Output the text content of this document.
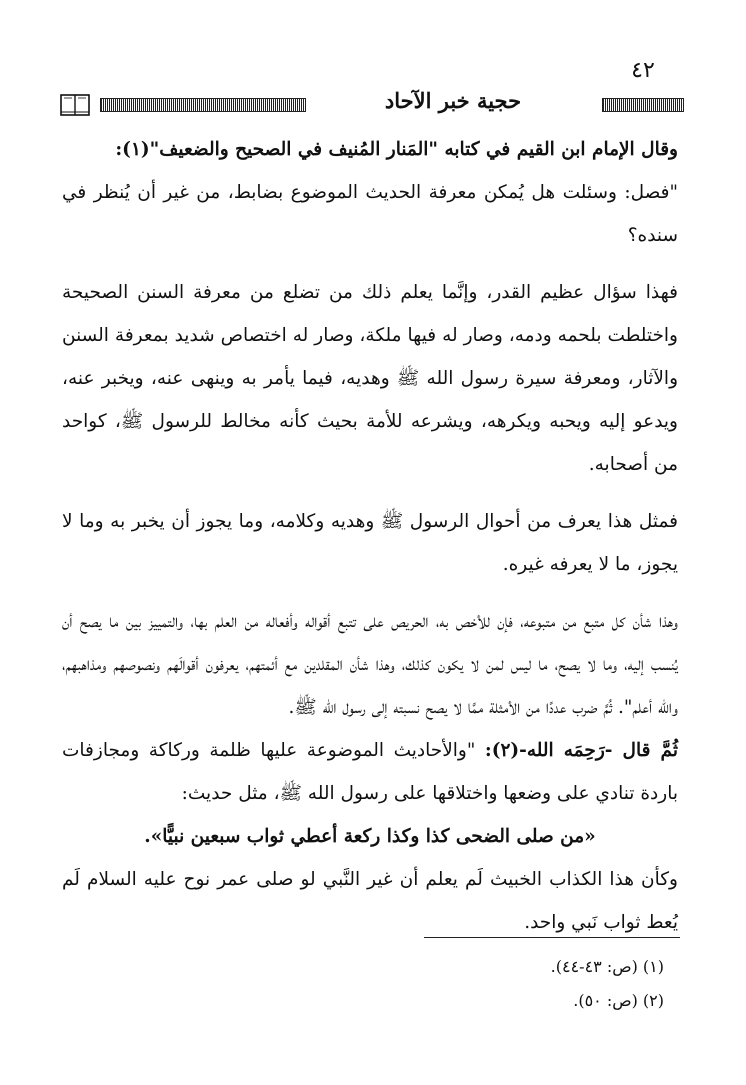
٤٢
حجية خبر الآحاد

وقال الإمام ابن القيم في كتابه "المَنار المُنيف في الصحيح والضعيف"(١):
"فصل: وسئلت هل يُمكن معرفة الحديث الموضوع بضابط، من غير أن يُنظر في سنده؟

فهذا سؤال عظيم القدر، وإنَّما يعلم ذلك من تضلع من معرفة السنن الصحيحة واختلطت بلحمه ودمه، وصار له فيها ملكة، وصار له اختصاص شديد بمعرفة السنن والآثار، ومعرفة سيرة رسول الله ﷺ وهديه، فيما يأمر به وينهى عنه، ويخبر عنه، ويدعو إليه ويحبه ويكرهه، ويشرعه للأمة بحيث كأنه مخالط للرسول ﷺ، كواحد من أصحابه.

فمثل هذا يعرف من أحوال الرسول ﷺ وهديه وكلامه، وما يجوز أن يخبر به وما لا يجوز، ما لا يعرفه غيره.

وهذا شأن كل متبع من متبوعه، فإن للأخص به، الحريص على تتبع أقواله وأفعاله من العلم بها، والتمييز بين ما يصح أن يُنسب إليه، وما لا يصح، ما ليس لمن لا يكون كذلك، وهذا شأن المقلدين مع أئمتهم، يعرفون أقوالَهم ونصوصهم ومذاهبهم، والله أعلم". ثُمَّ ضرب عددًا من الأمثلة ممَّا لا يصح نسبته إلى رسول الله ﷺ.

ثُمَّ قال -رَحِمَه الله-(٢): "والأحاديث الموضوعة عليها ظلمة وركاكة ومجازفات باردة تنادي على وضعها واختلاقها على رسول الله ﷺ، مثل حديث:

«من صلى الضحى كذا وكذا ركعة أعطي ثواب سبعين نبيًّا».

وكأن هذا الكذاب الخبيث لَم يعلم أن غير النَّبي لو صلى عمر نوح عليه السلام لَم يُعط ثواب نَبي واحد.

(١) (ص: ٤٣-٤٤).
(٢) (ص: ٥٠).
